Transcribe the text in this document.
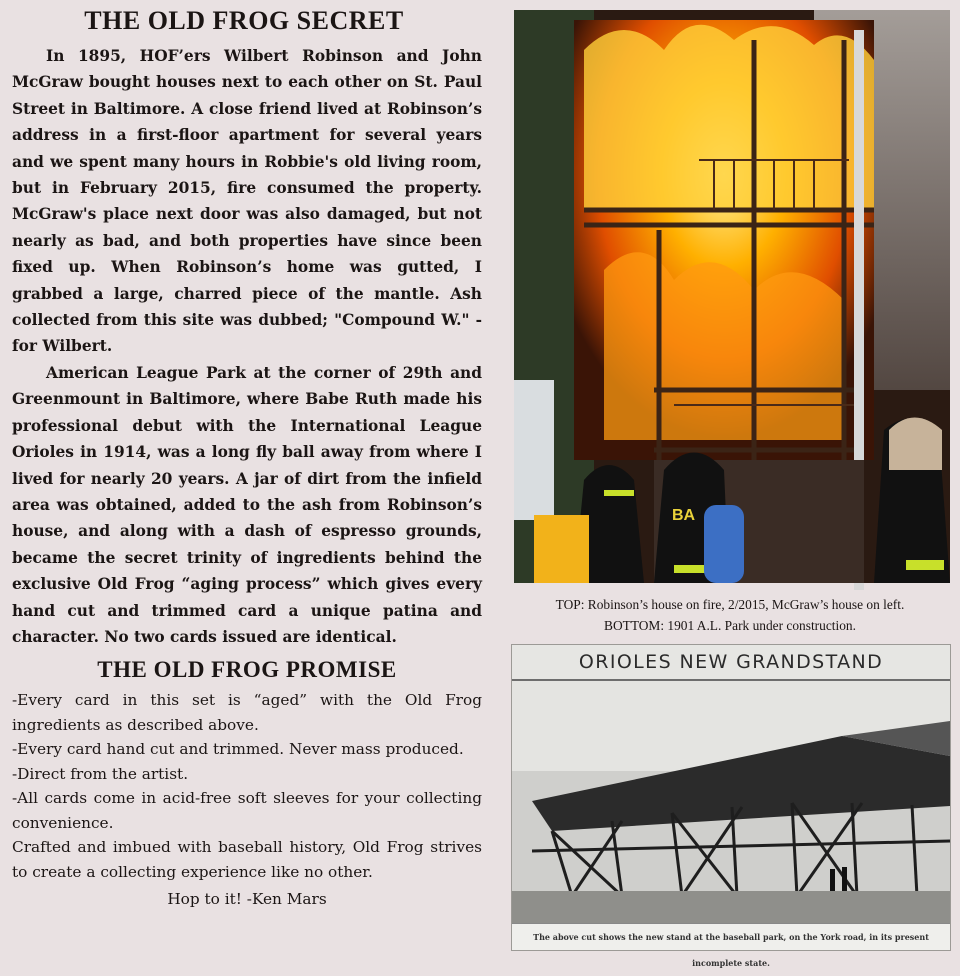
THE OLD FROG SECRET

In 1895, HOF’ers Wilbert Robinson and John McGraw bought houses next to each other on St. Paul Street in Baltimore. A close friend lived at Robinson’s address in a first-floor apartment for several years and we spent many hours in Robbie's old living room, but in February 2015, fire consumed the property. McGraw's place next door was also damaged, but not nearly as bad, and both properties have since been fixed up. When Robinson’s home was gutted, I grabbed a large, charred piece of the mantle. Ash collected from this site was dubbed; "Compound W." - for Wilbert.

American League Park at the corner of 29th and Greenmount in Baltimore, where Babe Ruth made his professional debut with the International League Orioles in 1914, was a long fly ball away from where I lived for nearly 20 years. A jar of dirt from the infield area was obtained, added to the ash from Robinson’s house, and along with a dash of espresso grounds, became the secret trinity of ingredients behind the exclusive Old Frog “aging process” which gives every hand cut and trimmed card a unique patina and character. No two cards issued are identical.

THE OLD FROG PROMISE

-Every card in this set is “aged” with the Old Frog ingredients as described above.

-Every card hand cut and trimmed. Never mass produced.

-Direct from the artist.

-All cards come in acid-free soft sleeves for your collecting convenience.

Crafted and imbued with baseball history, Old Frog strives to create a collecting experience like no other.

Hop to it! -Ken Mars
BA
TOP: Robinson’s house on fire, 2/2015, McGraw’s house on left.
BOTTOM: 1901 A.L. Park under construction.
ORIOLES NEW GRANDSTAND
The above cut shows the new stand at the baseball park, on the York road, in its present incomplete state.
